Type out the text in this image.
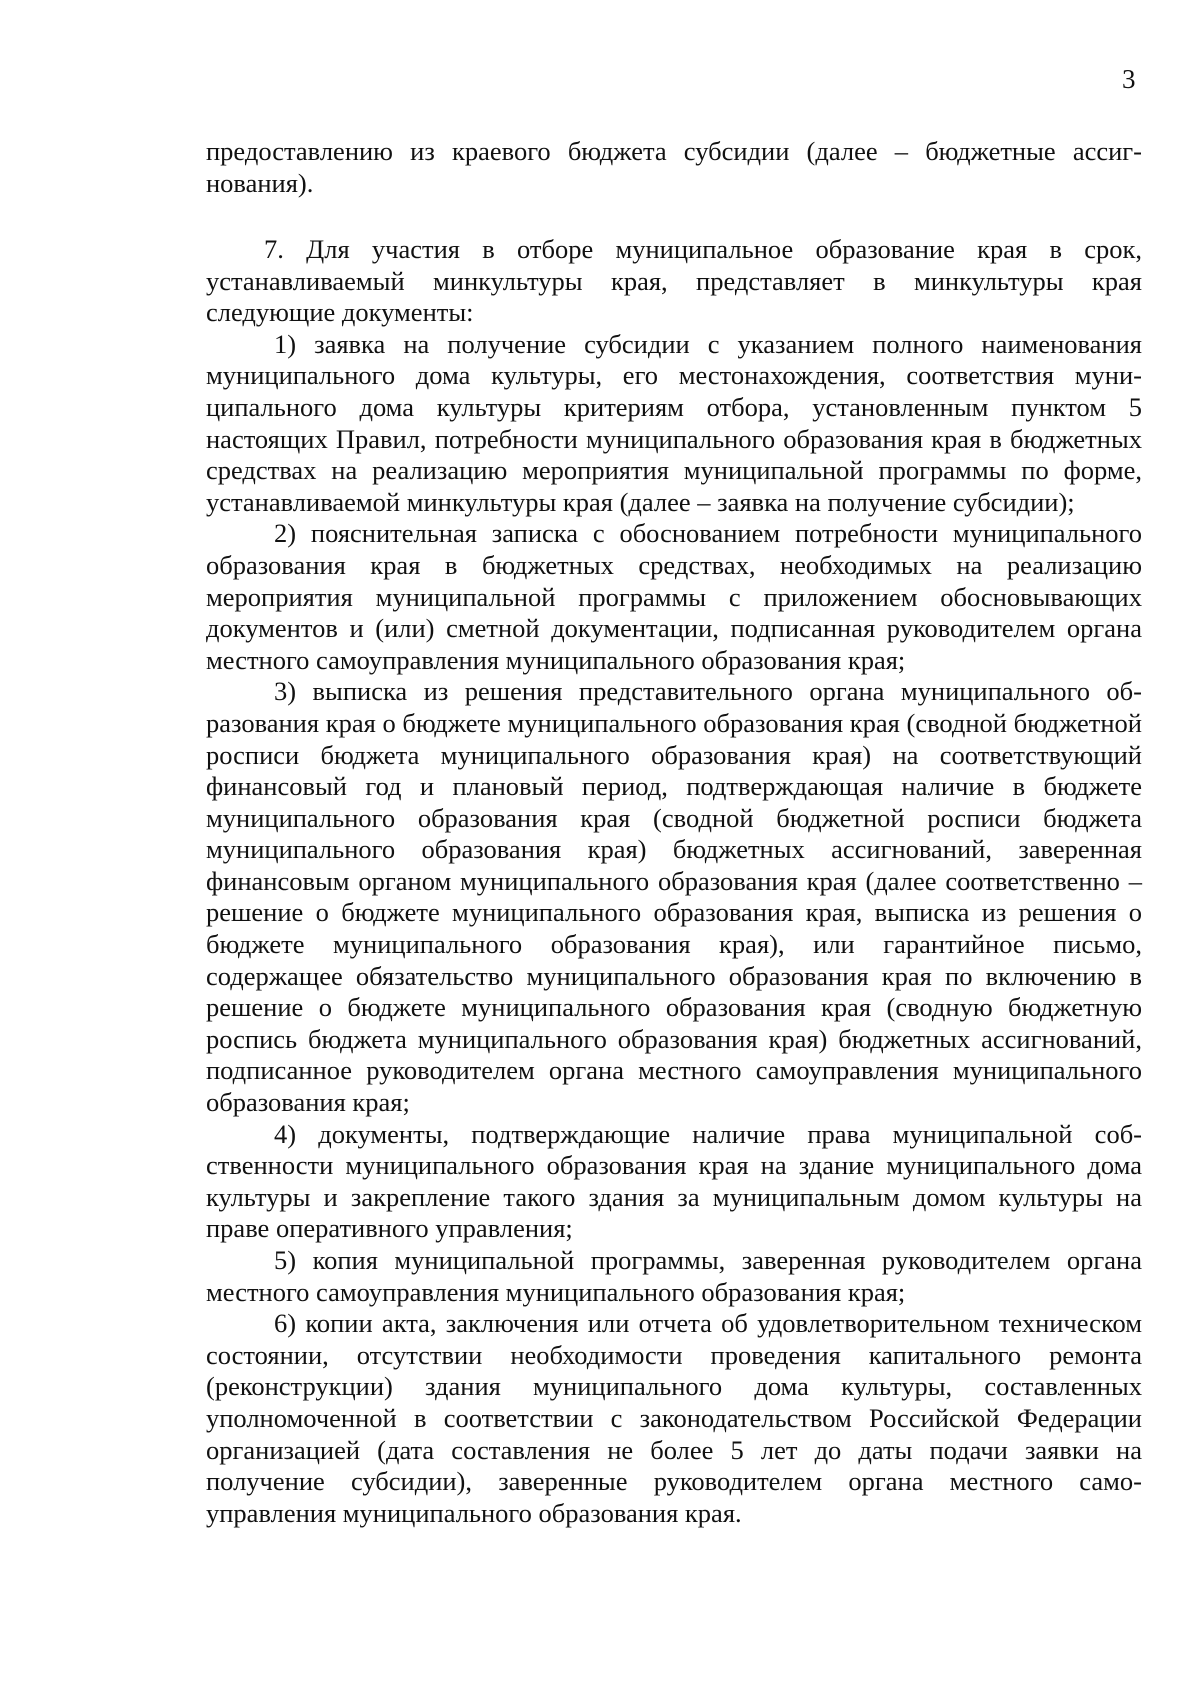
3

предоставлению из краевого бюджета субсидии (далее – бюджетные ассигнования).

7. Для участия в отборе муниципальное образование края в срок, устанавливаемый минкультуры края, представляет в минкультуры края следующие документы:

1) заявка на получение субсидии с указанием полного наименования муниципального дома культуры, его местонахождения, соответствия муниципального дома культуры критериям отбора, установленным пунктом 5 настоящих Правил, потребности муниципального образования края в бюджетных средствах на реализацию мероприятия муниципальной программы по форме, устанавливаемой минкультуры края (далее – заявка на получение субсидии);

2) пояснительная записка с обоснованием потребности муниципального образования края в бюджетных средствах, необходимых на реализацию мероприятия муниципальной программы с приложением обосновывающих документов и (или) сметной документации, подписанная руководителем органа местного самоуправления муниципального образования края;

3) выписка из решения представительного органа муниципального образования края о бюджете муниципального образования края (сводной бюджетной росписи бюджета муниципального образования края) на соответствующий финансовый год и плановый период, подтверждающая наличие в бюджете муниципального образования края (сводной бюджетной росписи бюджета муниципального образования края) бюджетных ассигнований, заверенная финансовым органом муниципального образования края (далее соответственно – решение о бюджете муниципального образования края, выписка из решения о бюджете муниципального образования края), или гарантийное письмо, содержащее обязательство муниципального образования края по включению в решение о бюджете муниципального образования края (сводную бюджетную роспись бюджета муниципального образования края) бюджетных ассигнований, подписанное руководителем органа местного самоуправления муниципального образования края;

4) документы, подтверждающие наличие права муниципальной собственности муниципального образования края на здание муниципального дома культуры и закрепление такого здания за муниципальным домом культуры на праве оперативного управления;

5) копия муниципальной программы, заверенная руководителем органа местного самоуправления муниципального образования края;

6) копии акта, заключения или отчета об удовлетворительном техническом состоянии, отсутствии необходимости проведения капитального ремонта (реконструкции) здания муниципального дома культуры, составленных уполномоченной в соответствии с законодательством Российской Федерации организацией (дата составления не более 5 лет до даты подачи заявки на получение субсидии), заверенные руководителем органа местного самоуправления муниципального образования края.
